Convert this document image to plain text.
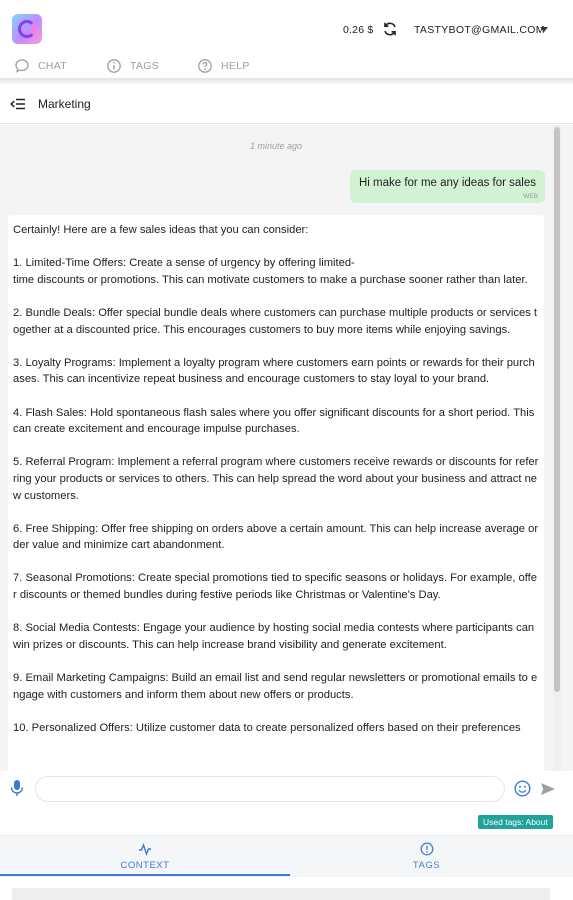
0.26 $	TASTYBOT@GMAIL.COM
CHAT	TAGS	HELP
Marketing
1 minute ago
Hi make for me any ideas for sales
WEB

Certainly! Here are a few sales ideas that you can consider:

1. Limited-Time Offers: Create a sense of urgency by offering limited-
time discounts or promotions. This can motivate customers to make a purchase sooner rather than later.

2. Bundle Deals: Offer special bundle deals where customers can purchase multiple products or services together at a discounted price. This encourages customers to buy more items while enjoying savings.

3. Loyalty Programs: Implement a loyalty program where customers earn points or rewards for their purchases. This can incentivize repeat business and encourage customers to stay loyal to your brand.

4. Flash Sales: Hold spontaneous flash sales where you offer significant discounts for a short period. This can create excitement and encourage impulse purchases.

5. Referral Program: Implement a referral program where customers receive rewards or discounts for referring your products or services to others. This can help spread the word about your business and attract new customers.

6. Free Shipping: Offer free shipping on orders above a certain amount. This can help increase average order value and minimize cart abandonment.

7. Seasonal Promotions: Create special promotions tied to specific seasons or holidays. For example, offer discounts or themed bundles during festive periods like Christmas or Valentine's Day.

8. Social Media Contests: Engage your audience by hosting social media contests where participants can win prizes or discounts. This can help increase brand visibility and generate excitement.

9. Email Marketing Campaigns: Build an email list and send regular newsletters or promotional emails to engage with customers and inform them about new offers or products.

10. Personalized Offers: Utilize customer data to create personalized offers based on their preferences

Used tags: About
CONTEXT	TAGS
